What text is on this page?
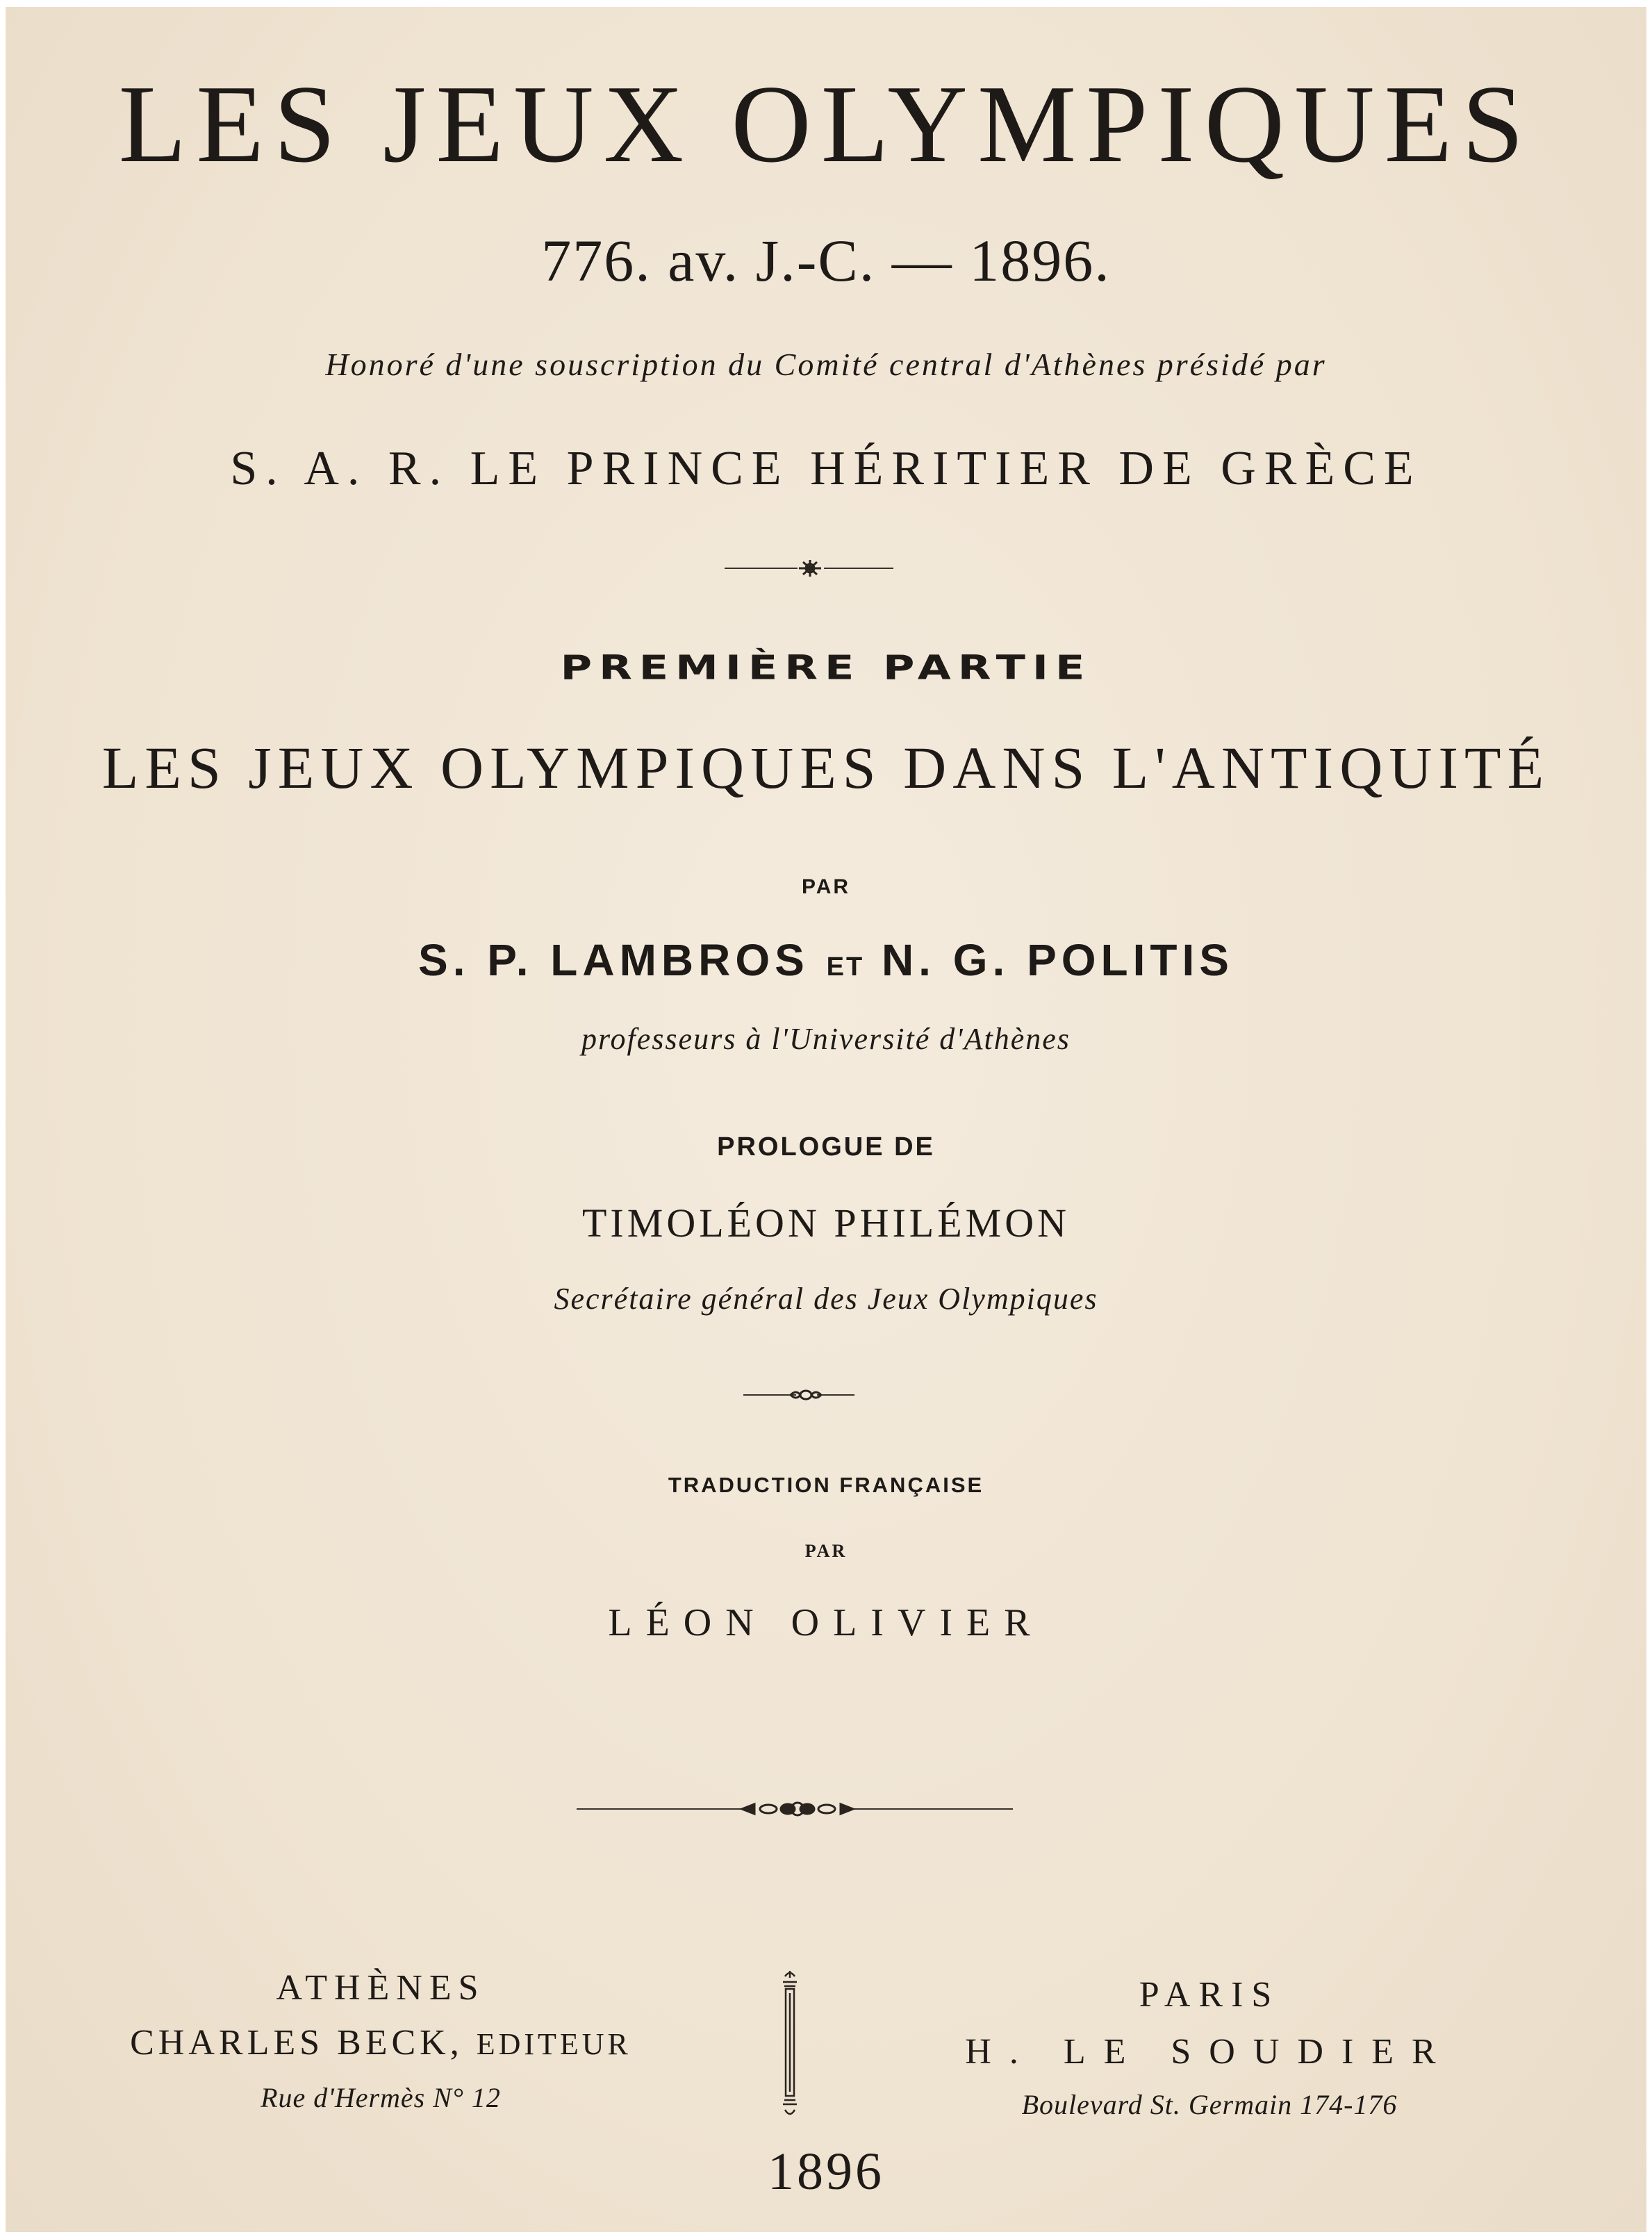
LES JEUX OLYMPIQUES
776. av. J.-C. — 1896.
Honoré d'une souscription du Comité central d'Athènes présidé par
S. A. R. LE PRINCE HÉRITIER DE GRÈCE
PREMIÈRE PARTIE
LES JEUX OLYMPIQUES DANS L'ANTIQUITÉ
PAR
S. P. LAMBROS ET N. G. POLITIS
professeurs à l'Université d'Athènes
PROLOGUE DE
TIMOLÉON PHILÉMON
Secrétaire général des Jeux Olympiques
TRADUCTION FRANÇAISE
PAR
LÉON OLIVIER
ATHÈNES
CHARLES BECK, EDITEUR
Rue d'Hermès N° 12
PARIS
H. LE SOUDIER
Boulevard St. Germain 174-176
1896
